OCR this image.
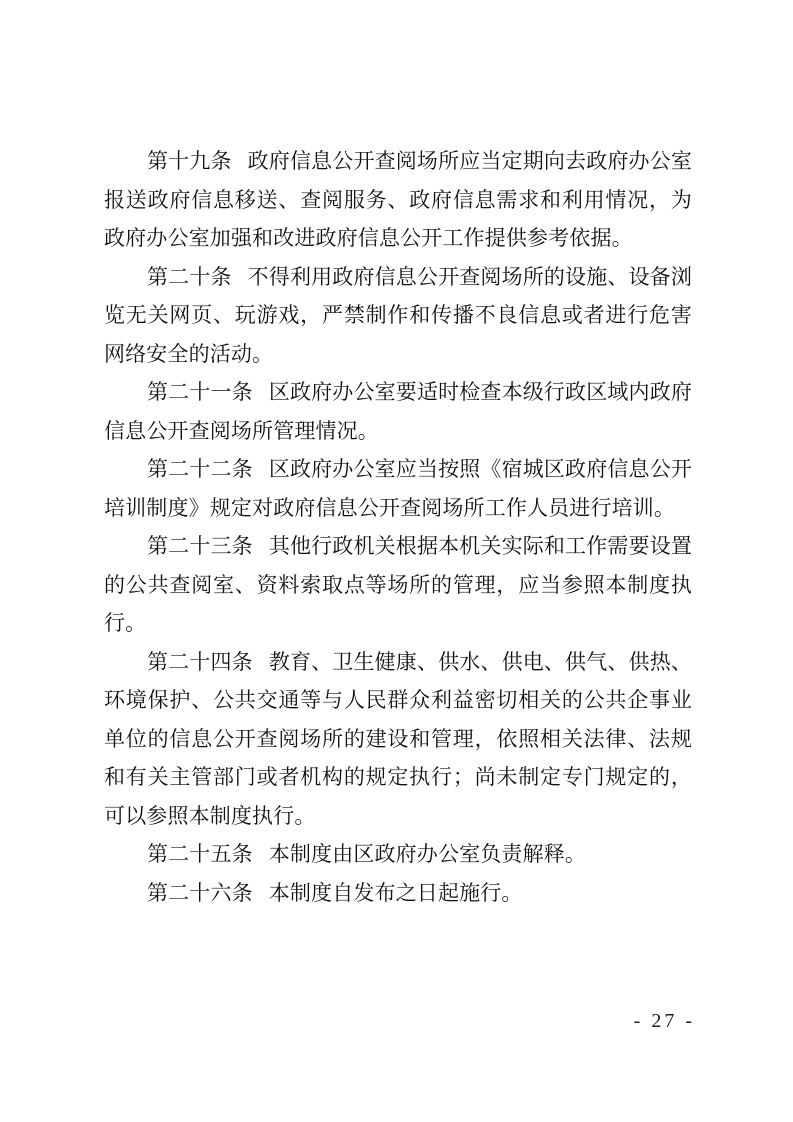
第十九条 政府信息公开查阅场所应当定期向去政府办公室报送政府信息移送、查阅服务、政府信息需求和利用情况，为政府办公室加强和改进政府信息公开工作提供参考依据。

第二十条 不得利用政府信息公开查阅场所的设施、设备浏览无关网页、玩游戏，严禁制作和传播不良信息或者进行危害网络安全的活动。

第二十一条 区政府办公室要适时检查本级行政区域内政府信息公开查阅场所管理情况。

第二十二条 区政府办公室应当按照《宿城区政府信息公开培训制度》规定对政府信息公开查阅场所工作人员进行培训。

第二十三条 其他行政机关根据本机关实际和工作需要设置的公共查阅室、资料索取点等场所的管理，应当参照本制度执行。

第二十四条 教育、卫生健康、供水、供电、供气、供热、环境保护、公共交通等与人民群众利益密切相关的公共企事业单位的信息公开查阅场所的建设和管理，依照相关法律、法规和有关主管部门或者机构的规定执行；尚未制定专门规定的，可以参照本制度执行。

第二十五条 本制度由区政府办公室负责解释。

第二十六条 本制度自发布之日起施行。

- 27 -
